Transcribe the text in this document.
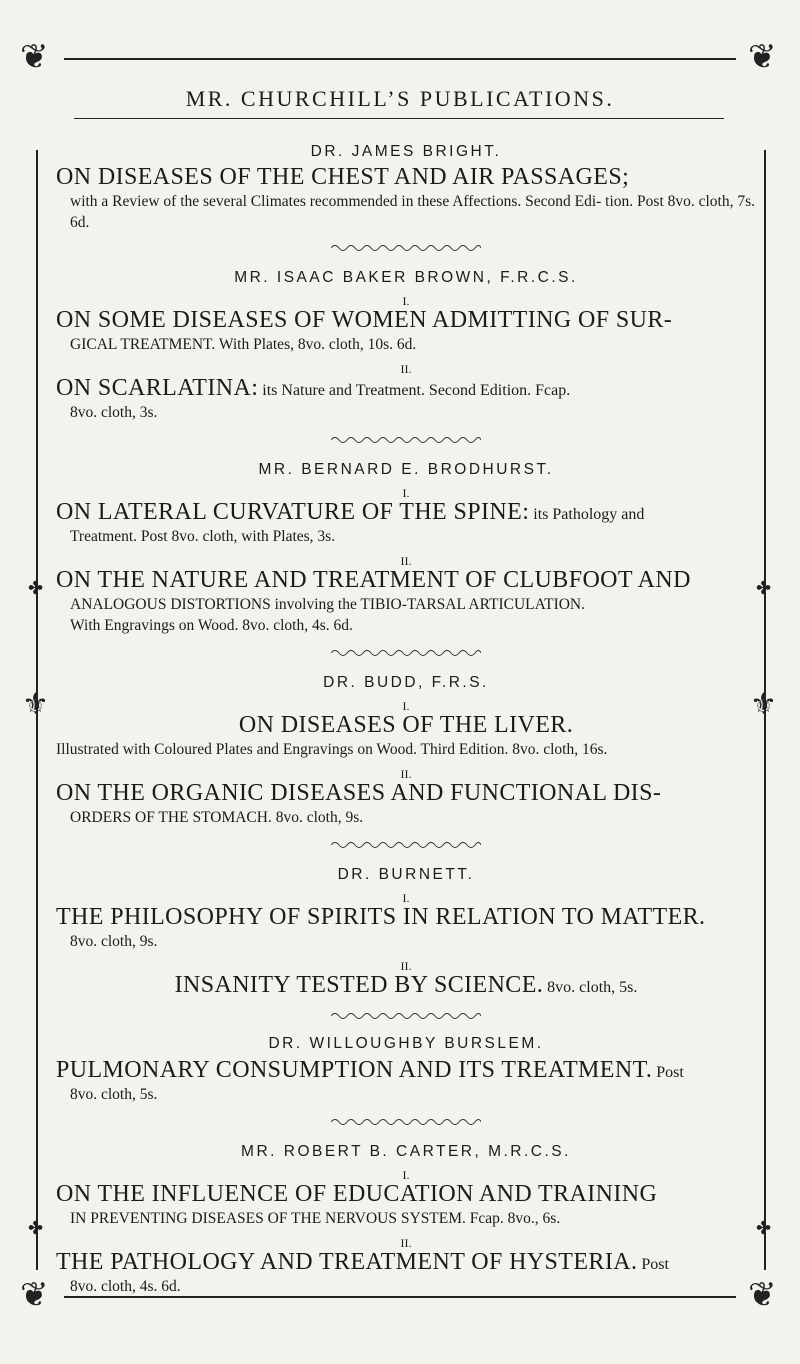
❦	❦
❦	❦
⚜	⚜
✤	✤
✤	✤
MR. CHURCHILL’S PUBLICATIONS.

DR. JAMES BRIGHT.

ON DISEASES OF THE CHEST AND AIR PASSAGES;
with a Review of the several Climates recommended in these Affections. Second Edi- tion. Post 8vo. cloth, 7s. 6d.

MR. ISAAC BAKER BROWN, F.R.C.S.

I.

ON SOME DISEASES OF WOMEN ADMITTING OF SUR-
GICAL TREATMENT. With Plates, 8vo. cloth, 10s. 6d.

II.

ON SCARLATINA: its Nature and Treatment. Second Edition. Fcap.
8vo. cloth, 3s.

MR. BERNARD E. BRODHURST.

I.

ON LATERAL CURVATURE OF THE SPINE: its Pathology and
Treatment. Post 8vo. cloth, with Plates, 3s.

II.

ON THE NATURE AND TREATMENT OF CLUBFOOT AND
ANALOGOUS DISTORTIONS involving the TIBIO-TARSAL ARTICULATION.
With Engravings on Wood. 8vo. cloth, 4s. 6d.

DR. BUDD, F.R.S.

I.

ON DISEASES OF THE LIVER.
Illustrated with Coloured Plates and Engravings on Wood. Third Edition. 8vo. cloth, 16s.

II.

ON THE ORGANIC DISEASES AND FUNCTIONAL DIS-
ORDERS OF THE STOMACH. 8vo. cloth, 9s.

DR. BURNETT.

I.

THE PHILOSOPHY OF SPIRITS IN RELATION TO MATTER.
8vo. cloth, 9s.

II.

INSANITY TESTED BY SCIENCE. 8vo. cloth, 5s.

DR. WILLOUGHBY BURSLEM.

PULMONARY CONSUMPTION AND ITS TREATMENT. Post
8vo. cloth, 5s.

MR. ROBERT B. CARTER, M.R.C.S.

I.

ON THE INFLUENCE OF EDUCATION AND TRAINING
IN PREVENTING DISEASES OF THE NERVOUS SYSTEM. Fcap. 8vo., 6s.

II.

THE PATHOLOGY AND TREATMENT OF HYSTERIA. Post
8vo. cloth, 4s. 6d.
